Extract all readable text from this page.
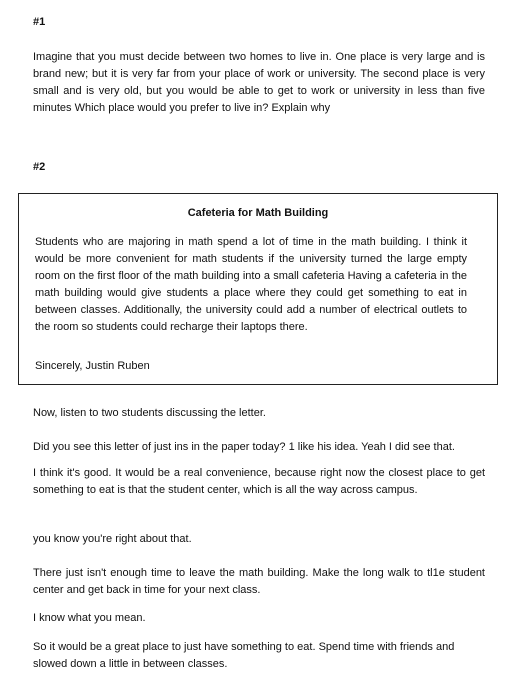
#1

Imagine that you must decide between two homes to live in. One place is very large and is brand new; but it is very far from your place of work or university. The second place is very small and is very old, but you would be able to get to work or university in less than five minutes Which place would you prefer to live in? Explain why

#2
Cafeteria for Math Building

Students who are majoring in math spend a lot of time in the math building. I think it would be more convenient for math students if the university turned the large empty room on the first floor of the math building into a small cafeteria Having a cafeteria in the math building would give students a place where they could get something to eat in between classes. Additionally, the university could add a number of electrical outlets to the room so students could recharge their laptops there.

Sincerely, Justin Ruben

Now, listen to two students discussing the letter.

Did you see this letter of just ins in the paper today? 1 like his idea. Yeah I did see that.

I think it's good. It would be a real convenience, because right now the closest place to get something to eat is that the student center, which is all the way across campus.

you know you're right about that.

There just isn't enough time to leave the math building. Make the long walk to tl1e student center and get back in time for your next class.

I know what you mean.

So it would be a great place to just have something to eat. Spend time with friends and slowed down a little in between classes.
